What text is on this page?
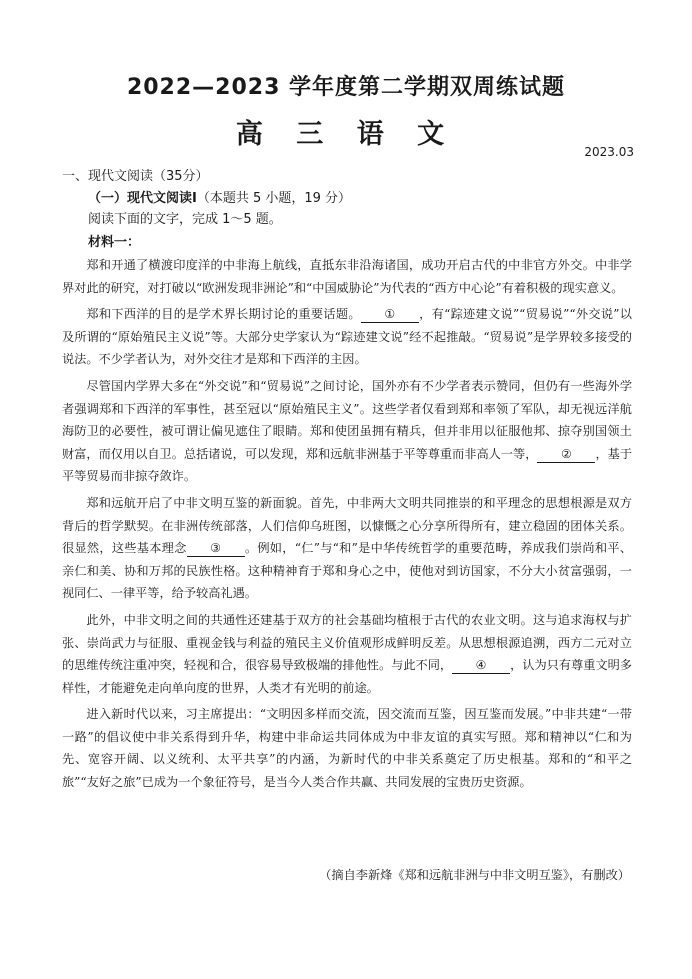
2022—2023 学年度第二学期双周练试题
高 三 语 文
2023.03
一、现代文阅读（35分）
（一）现代文阅读Ⅰ（本题共 5 小题，19 分）
阅读下面的文字，完成 1～5 题。
材料一：

郑和开通了横渡印度洋的中非海上航线，直抵东非沿海诸国，成功开启古代的中非官方外交。中非学界对此的研究，对打破以“欧洲发现非洲论”和“中国威胁论”为代表的“西方中心论”有着积极的现实意义。

郑和下西洋的目的是学术界长期讨论的重要话题。 ① ，有“踪迹建文说”“贸易说”“外交说”以及所谓的“原始殖民主义说”等。大部分史学家认为“踪迹建文说”经不起推敲。“贸易说”是学界较多接受的说法。不少学者认为，对外交往才是郑和下西洋的主因。

尽管国内学界大多在“外交说”和“贸易说”之间讨论，国外亦有不少学者表示赞同，但仍有一些海外学者强调郑和下西洋的军事性，甚至冠以“原始殖民主义”。这些学者仅看到郑和率领了军队，却无视远洋航海防卫的必要性，被可谓让偏见遮住了眼睛。郑和使团虽拥有精兵，但并非用以征服他邦、掠夺别国领土财富，而仅用以自卫。总括诸说，可以发现，郑和远航非洲基于平等尊重而非高人一等， ② ，基于平等贸易而非掠夺敛诈。

郑和远航开启了中非文明互鉴的新面貌。首先，中非两大文明共同推崇的和平理念的思想根源是双方背后的哲学默契。在非洲传统部落，人们信仰乌班图，以慷慨之心分享所得所有，建立稳固的团体关系。很显然，这些基本理念 ③ 。例如，“仁”与“和”是中华传统哲学的重要范畴，养成我们崇尚和平、亲仁和美、协和万邦的民族性格。这种精神育于郑和身心之中，使他对到访国家，不分大小贫富强弱，一视同仁、一律平等，给予较高礼遇。

此外，中非文明之间的共通性还建基于双方的社会基础均植根于古代的农业文明。这与追求海权与扩张、崇尚武力与征服、重视金钱与利益的殖民主义价值观形成鲜明反差。从思想根源追溯，西方二元对立的思维传统注重冲突，轻视和合，很容易导致极端的排他性。与此不同， ④ ，认为只有尊重文明多样性，才能避免走向单向度的世界，人类才有光明的前途。

进入新时代以来，习主席提出：“文明因多样而交流，因交流而互鉴，因互鉴而发展。”中非共建“一带一路”的倡议使中非关系得到升华，构建中非命运共同体成为中非友谊的真实写照。郑和精神以“仁和为先、宽容开阔、以义统利、太平共享”的内涵，为新时代的中非关系奠定了历史根基。郑和的“和平之旅”“友好之旅”已成为一个象征符号，是当今人类合作共赢、共同发展的宝贵历史资源。

（摘自李新烽《郑和远航非洲与中非文明互鉴》，有删改）
